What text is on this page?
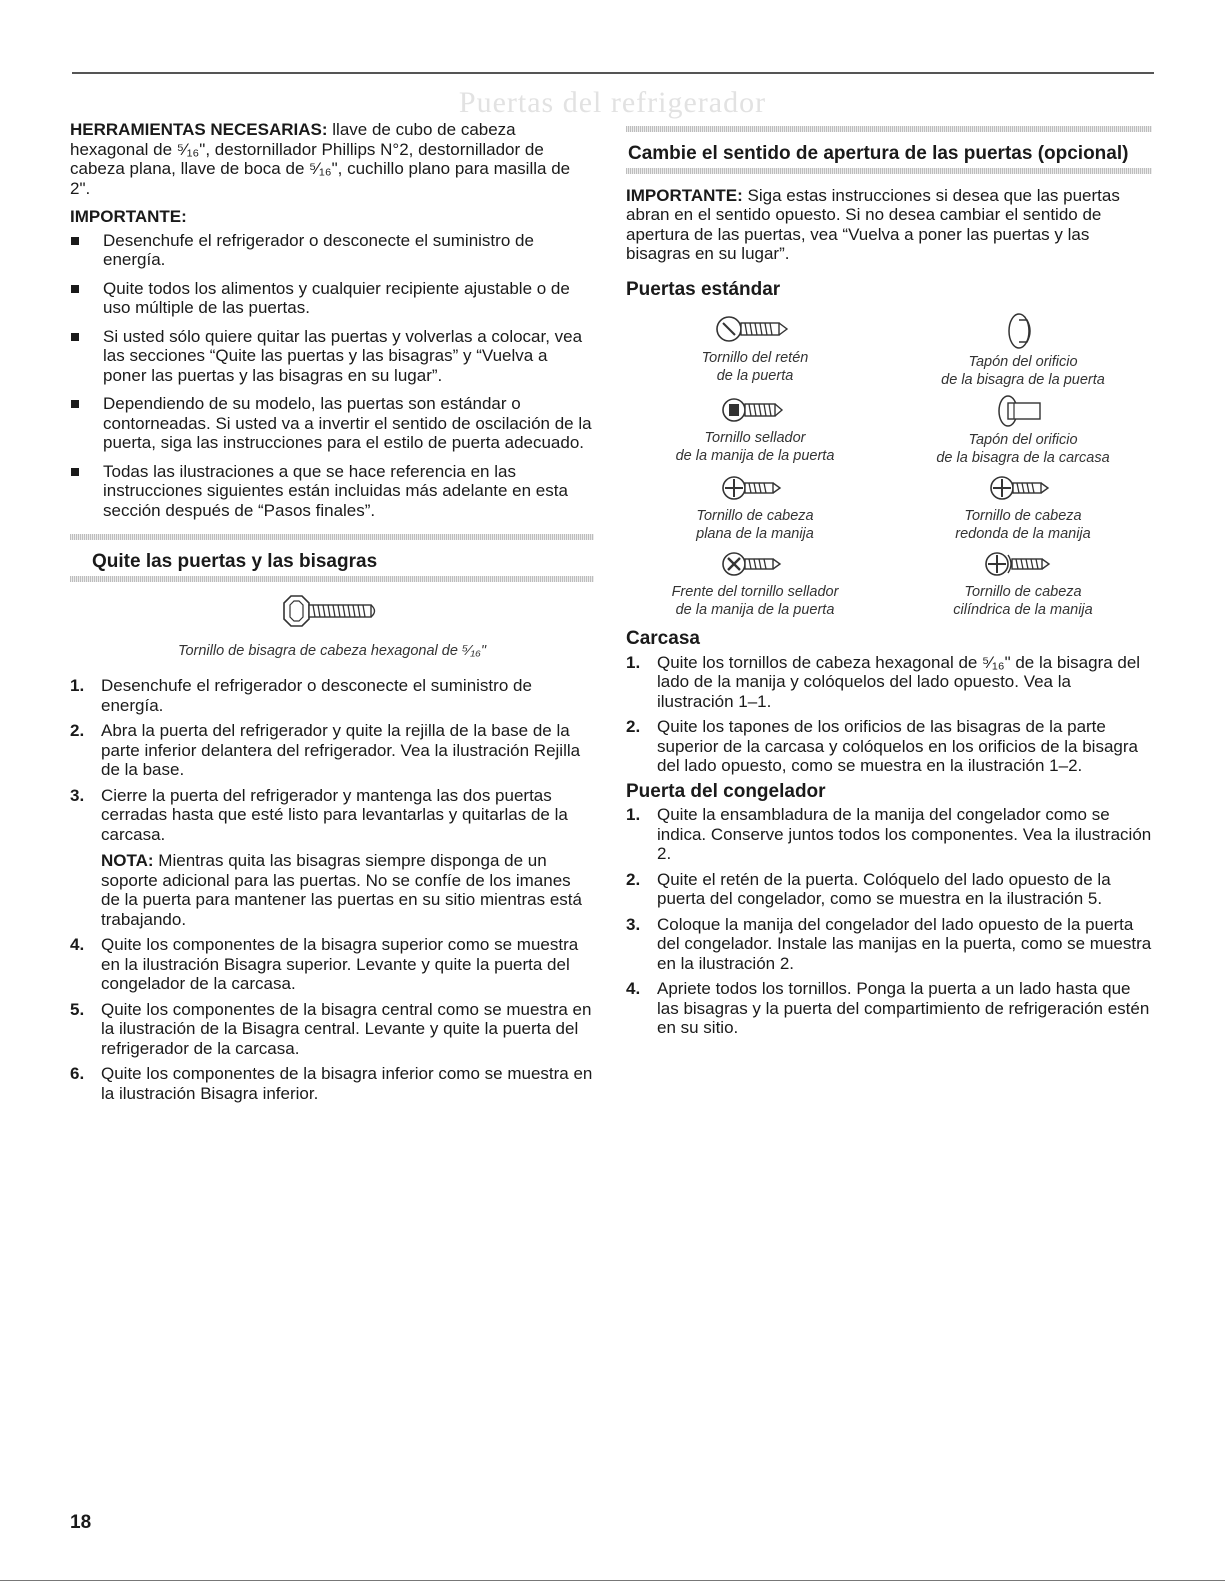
Puertas del refrigerador

HERRAMIENTAS NECESARIAS: llave de cubo de cabeza hexagonal de ⁵⁄₁₆", destornillador Phillips N°2, destornillador de cabeza plana, llave de boca de ⁵⁄₁₆", cuchillo plano para masilla de 2".

IMPORTANTE:
Desenchufe el refrigerador o desconecte el suministro de energía.
Quite todos los alimentos y cualquier recipiente ajustable o de uso múltiple de las puertas.
Si usted sólo quiere quitar las puertas y volverlas a colocar, vea las secciones “Quite las puertas y las bisagras” y “Vuelva a poner las puertas y las bisagras en su lugar”.
Dependiendo de su modelo, las puertas son estándar o contorneadas. Si usted va a invertir el sentido de oscilación de la puerta, siga las instrucciones para el estilo de puerta adecuado.
Todas las ilustraciones a que se hace referencia en las instrucciones siguientes están incluidas más adelante en esta sección después de “Pasos finales”.
Quite las puertas y las bisagras
Tornillo de bisagra de cabeza hexagonal de ⁵⁄₁₆"
1. Desenchufe el refrigerador o desconecte el suministro de energía.
2. Abra la puerta del refrigerador y quite la rejilla de la base de la parte inferior delantera del refrigerador. Vea la ilustración Rejilla de la base.
3. Cierre la puerta del refrigerador y mantenga las dos puertas cerradas hasta que esté listo para levantarlas y quitarlas de la carcasa.

NOTA: Mientras quita las bisagras siempre disponga de un soporte adicional para las puertas. No se confíe de los imanes de la puerta para mantener las puertas en su sitio mientras está trabajando.

4. Quite los componentes de la bisagra superior como se muestra en la ilustración Bisagra superior. Levante y quite la puerta del congelador de la carcasa.
5. Quite los componentes de la bisagra central como se muestra en la ilustración de la Bisagra central. Levante y quite la puerta del refrigerador de la carcasa.
6. Quite los componentes de la bisagra inferior como se muestra en la ilustración Bisagra inferior.
Cambie el sentido de apertura de las puertas (opcional)

IMPORTANTE: Siga estas instrucciones si desea que las puertas abran en el sentido opuesto. Si no desea cambiar el sentido de apertura de las puertas, vea “Vuelva a poner las puertas y las bisagras en su lugar”.

Puertas estándar
Tornillo del retén
de la puerta
Tapón del orificio
de la bisagra de la puerta
Tornillo sellador
de la manija de la puerta
Tapón del orificio
de la bisagra de la carcasa
Tornillo de cabeza
plana de la manija
Tornillo de cabeza
redonda de la manija
Frente del tornillo sellador
de la manija de la puerta
Tornillo de cabeza
cilíndrica de la manija
Carcasa
1. Quite los tornillos de cabeza hexagonal de ⁵⁄₁₆" de la bisagra del lado de la manija y colóquelos del lado opuesto. Vea la ilustración 1–1.
2. Quite los tapones de los orificios de las bisagras de la parte superior de la carcasa y colóquelos en los orificios de la bisagra del lado opuesto, como se muestra en la ilustración 1–2.
Puerta del congelador
1. Quite la ensambladura de la manija del congelador como se indica. Conserve juntos todos los componentes. Vea la ilustración 2.
2. Quite el retén de la puerta. Colóquelo del lado opuesto de la puerta del congelador, como se muestra en la ilustración 5.
3. Coloque la manija del congelador del lado opuesto de la puerta del congelador. Instale las manijas en la puerta, como se muestra en la ilustración 2.
4. Apriete todos los tornillos. Ponga la puerta a un lado hasta que las bisagras y la puerta del compartimiento de refrigeración estén en su sitio.
18
